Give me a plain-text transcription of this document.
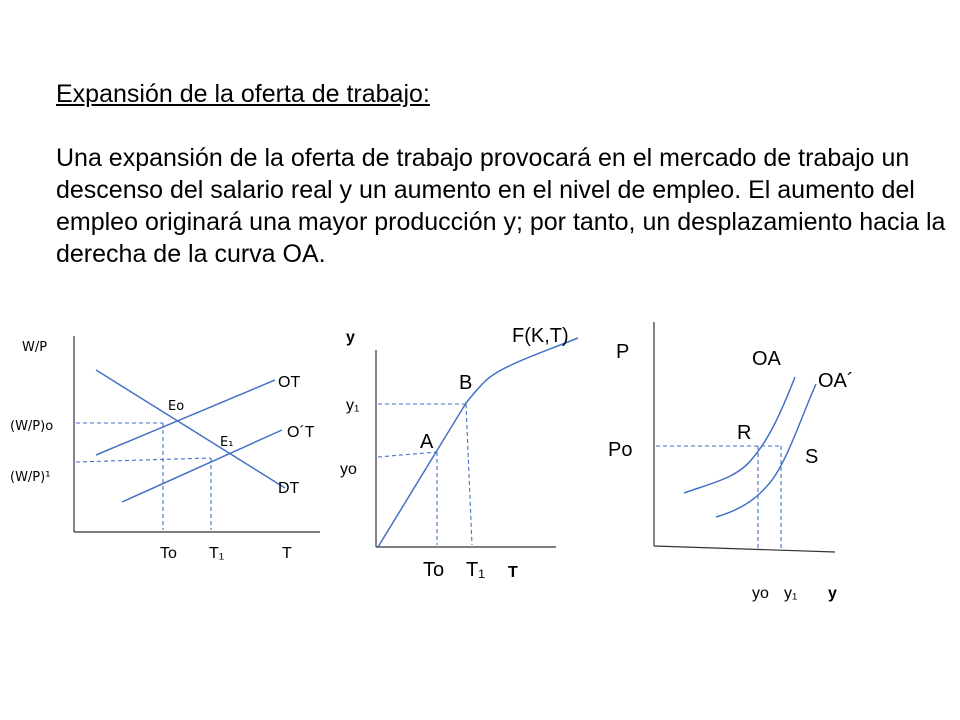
Expansión de la oferta de trabajo:

Una expansión de la oferta de trabajo provocará en el mercado de trabajo un descenso del salario real y un aumento en el nivel de empleo. El aumento del empleo originará una mayor producción y; por tanto, un desplazamiento hacia la derecha de la curva OA.

W/P
(W/P)o
(W/P)¹
Eo
E₁
OT
O´T
DT
To T₁	T
y	F(K,T)
B
A
y₁
yo
To T₁ T
P	OA
OA´
R
S
Po
yo y₁ y
